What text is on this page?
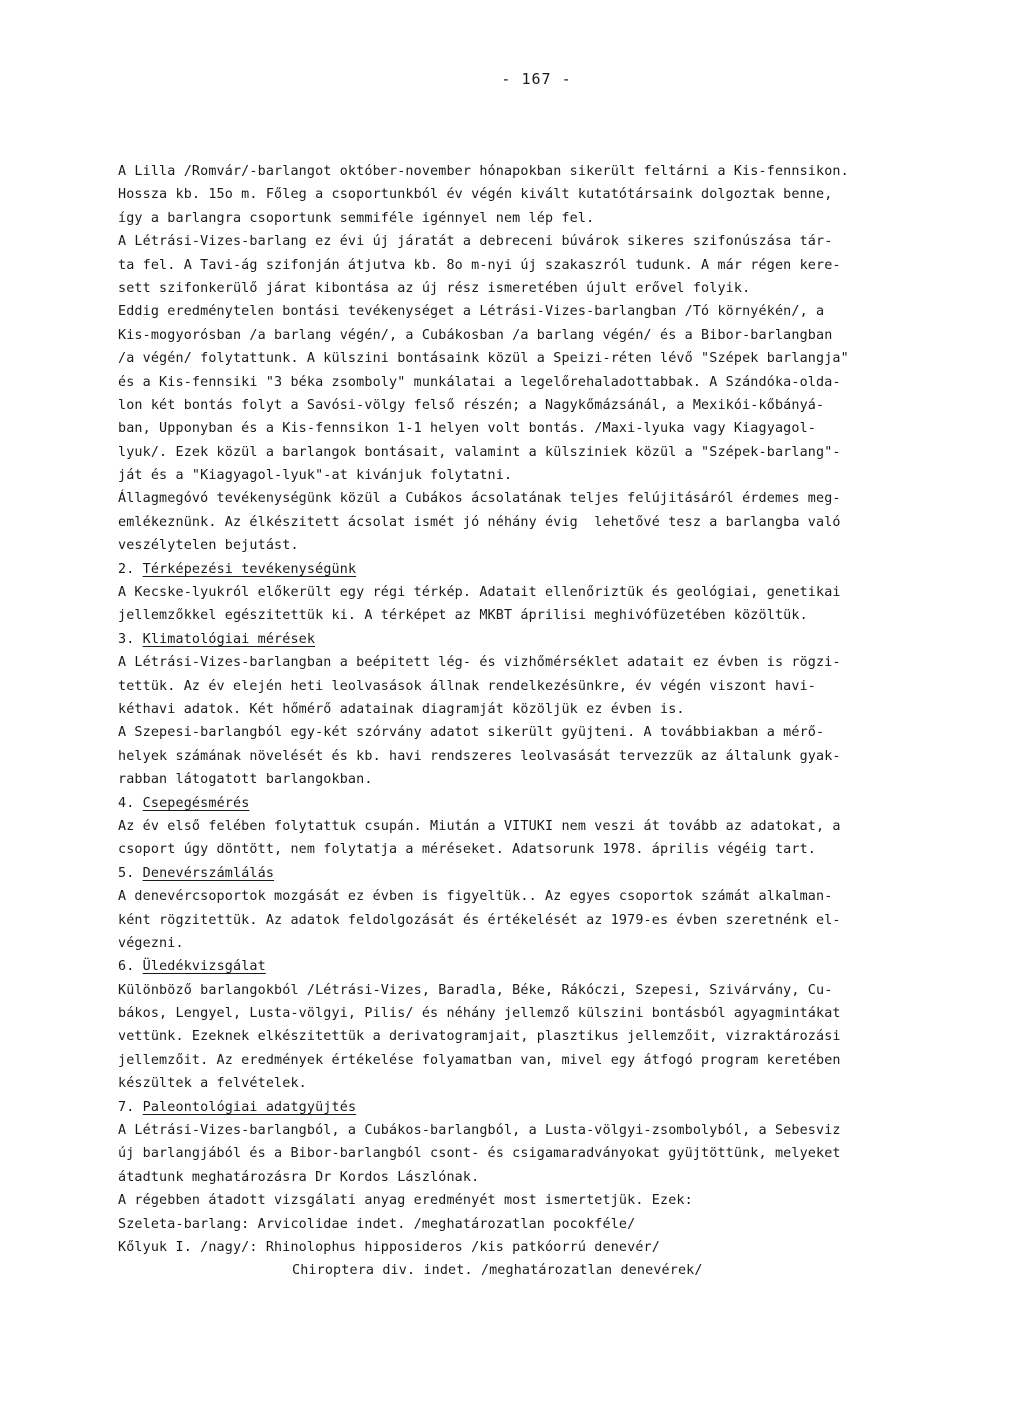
- 167 -
A Lilla /Romvár/-barlangot október-november hónapokban sikerült feltárni a Kis-fennsikon.
Hossza kb. 15o m. Főleg a csoportunkból év végén kivált kutatótársaink dolgoztak benne,
így a barlangra csoportunk semmiféle igénnyel nem lép fel.
A Létrási-Vizes-barlang ez évi új járatát a debreceni búvárok sikeres szifonúszása tár-
ta fel. A Tavi-ág szifonján átjutva kb. 8o m-nyi új szakaszról tudunk. A már régen kere-
sett szifonkerülő járat kibontása az új rész ismeretében újult erővel folyik.
Eddig eredménytelen bontási tevékenységet a Létrási-Vizes-barlangban /Tó környékén/, a
Kis-mogyorósban /a barlang végén/, a Cubákosban /a barlang végén/ és a Bibor-barlangban
/a végén/ folytattunk. A külszini bontásaink közül a Speizi-réten lévő "Szépek barlangja"
és a Kis-fennsiki "3 béka zsomboly" munkálatai a legelőrehaladottabbak. A Szándóka-olda-
lon két bontás folyt a Savósi-völgy felső részén; a Nagykőmázsánál, a Mexikói-kőbányá-
ban, Upponyban és a Kis-fennsikon 1-1 helyen volt bontás. /Maxi-lyuka vagy Kiagyagol-
lyuk/. Ezek közül a barlangok bontásait, valamint a külsziniek közül a "Szépek-barlang"-
ját és a "Kiagyagol-lyuk"-at kivánjuk folytatni.
Állagmegóvó tevékenységünk közül a Cubákos ácsolatának teljes felújitásáról érdemes meg-
emlékeznünk. Az élkészitett ácsolat ismét jó néhány évig  lehetővé tesz a barlangba való
veszélytelen bejutást.
2. Térképezési tevékenységünk
A Kecske-lyukról előkerült egy régi térkép. Adatait ellenőriztük és geológiai, genetikai
jellemzőkkel egészitettük ki. A térképet az MKBT áprilisi meghivófüzetében közöltük.
3. Klimatológiai mérések
A Létrási-Vizes-barlangban a beépitett lég- és vizhőmérséklet adatait ez évben is rögzi-
tettük. Az év elején heti leolvasások állnak rendelkezésünkre, év végén viszont havi-
kéthavi adatok. Két hőmérő adatainak diagramját közöljük ez évben is.
A Szepesi-barlangból egy-két szórvány adatot sikerült gyüjteni. A továbbiakban a mérő-
helyek számának növelését és kb. havi rendszeres leolvasását tervezzük az általunk gyak-
rabban látogatott barlangokban.
4. Csepegésmérés
Az év első felében folytattuk csupán. Miután a VITUKI nem veszi át tovább az adatokat, a
csoport úgy döntött, nem folytatja a méréseket. Adatsorunk 1978. április végéig tart.
5. Denevérszámlálás
A denevércsoportok mozgását ez évben is figyeltük.. Az egyes csoportok számát alkalman-
ként rögzitettük. Az adatok feldolgozását és értékelését az 1979-es évben szeretnénk el-
végezni.
6. Üledékvizsgálat
Különböző barlangokból /Létrási-Vizes, Baradla, Béke, Rákóczi, Szepesi, Szivárvány, Cu-
bákos, Lengyel, Lusta-völgyi, Pilis/ és néhány jellemző külszini bontásból agyagmintákat
vettünk. Ezeknek elkészitettük a derivatogramjait, plasztikus jellemzőit, vizraktározási
jellemzőit. Az eredmények értékelése folyamatban van, mivel egy átfogó program keretében
készültek a felvételek.
7. Paleontológiai adatgyüjtés
A Létrási-Vizes-barlangból, a Cubákos-barlangból, a Lusta-völgyi-zsombolyból, a Sebesviz
új barlangjából és a Bibor-barlangból csont- és csigamaradványokat gyüjtöttünk, melyeket
átadtunk meghatározásra Dr Kordos Lászlónak.
A régebben átadott vizsgálati anyag eredményét most ismertetjük. Ezek:
Szeleta-barlang: Arvicolidae indet. /meghatározatlan pocokféle/
Kőlyuk I. /nagy/: Rhinolophus hipposideros /kis patkóorrú denevér/
Chiroptera div. indet. /meghatározatlan denevérek/
